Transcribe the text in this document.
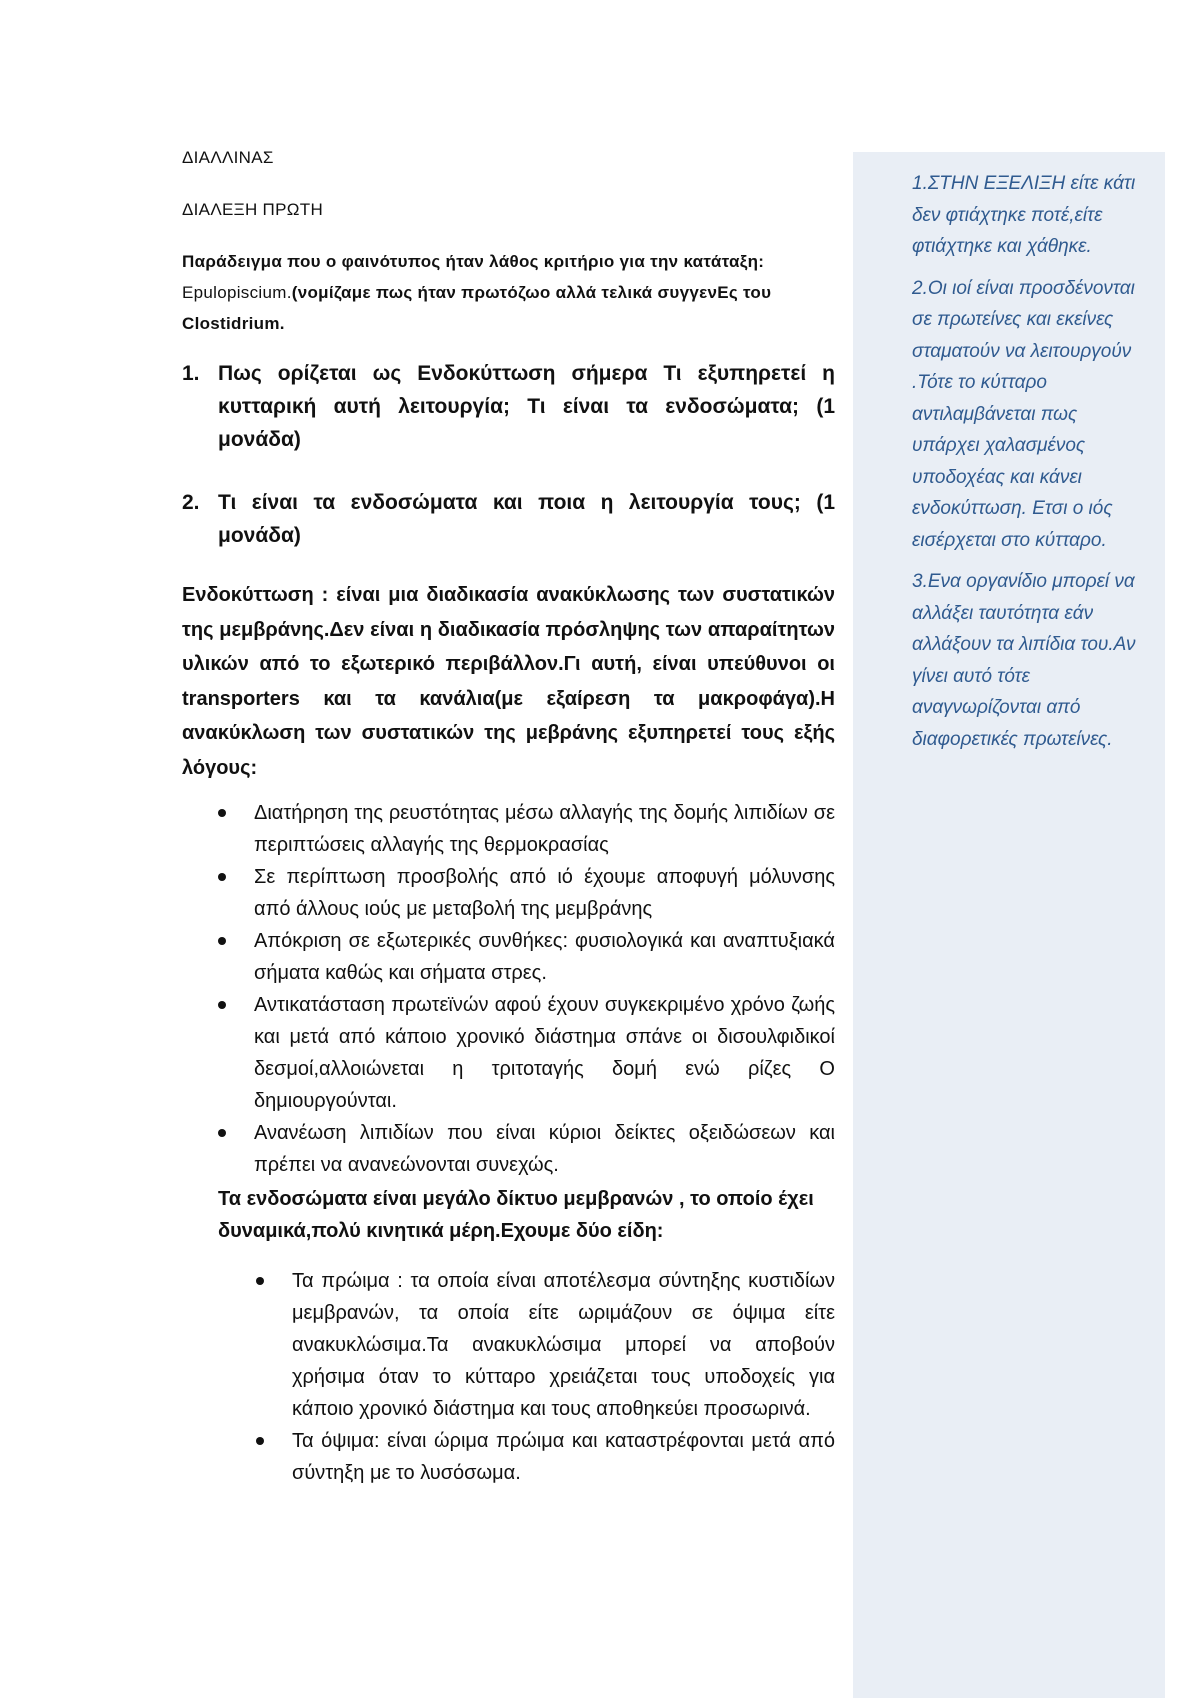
1.ΣΤΗΝ ΕΞΕΛΙΞΗ είτε κάτι δεν φτιάχτηκε ποτέ,είτε φτιάχτηκε και χάθηκε.

2.Οι ιοί είναι προσδένονται σε πρωτείνες και εκείνες σταματούν να λειτουργούν .Τότε το κύτταρο αντιλαμβάνεται πως υπάρχει χαλασμένος υποδοχέας και κάνει ενδοκύττωση. Ετσι ο ιός εισέρχεται στο κύτταρο.

3.Ενα οργανίδιο μπορεί να αλλάξει ταυτότητα εάν αλλάξουν τα λιπίδια του.Αν γίνει αυτό τότε αναγνωρίζονται από διαφορετικές πρωτείνες.

ΔΙΑΛΛΙΝΑΣ

ΔΙΑΛΕΞΗ ΠΡΩΤΗ

Παράδειγμα που ο φαινότυπος ήταν λάθος κριτήριο για την κατάταξη: Epulopiscium.(νομίζαμε πως ήταν πρωτόζωο αλλά τελικά συγγενΕς του Clostidrium.

1. Πως ορίζεται ως Ενδοκύττωση σήμερα Τι εξυπηρετεί η κυτταρική αυτή λειτουργία; Τι είναι τα ενδοσώματα; (1 μονάδα)
2. Τι είναι τα ενδοσώματα και ποια η λειτουργία τους; (1 μονάδα)

Ενδοκύττωση : είναι μια διαδικασία ανακύκλωσης των συστατικών της μεμβράνης.Δεν είναι η διαδικασία πρόσληψης των απαραίτητων υλικών από το εξωτερικό περιβάλλον.Γι αυτή, είναι υπεύθυνοι οι transporters και τα κανάλια(με εξαίρεση τα μακροφάγα).Η ανακύκλωση των συστατικών της μεβράνης εξυπηρετεί τους εξής λόγους:

Διατήρηση της ρευστότητας μέσω αλλαγής της δομής λιπιδίων σε περιπτώσεις αλλαγής της θερμοκρασίας
Σε περίπτωση προσβολής από ιό έχουμε αποφυγή μόλυνσης από άλλους ιούς με μεταβολή της μεμβράνης
Απόκριση σε εξωτερικές συνθήκες: φυσιολογικά και αναπτυξιακά σήματα καθώς και σήματα στρες.
Αντικατάσταση πρωτεϊνών αφού έχουν συγκεκριμένο χρόνο ζωής και μετά από κάποιο χρονικό διάστημα σπάνε οι δισουλφιδικοί δεσμοί,αλλοιώνεται η τριτοταγής δομή ενώ ρίζες Ο δημιουργούνται.
Ανανέωση λιπιδίων που είναι κύριοι δείκτες οξειδώσεων και πρέπει να ανανεώνονται συνεχώς.

Τα ενδοσώματα είναι μεγάλο δίκτυο μεμβρανών , το οποίο έχει δυναμικά,πολύ κινητικά μέρη.Εχουμε δύο είδη:

Τα πρώιμα : τα οποία είναι αποτέλεσμα σύντηξης κυστιδίων μεμβρανών, τα οποία είτε ωριμάζουν σε όψιμα είτε ανακυκλώσιμα.Τα ανακυκλώσιμα μπορεί να αποβούν χρήσιμα όταν το κύτταρο χρειάζεται τους υποδοχείς για κάποιο χρονικό διάστημα και τους αποθηκεύει προσωρινά.
Τα όψιμα: είναι ώριμα πρώιμα και καταστρέφονται μετά από σύντηξη με το λυσόσωμα.
